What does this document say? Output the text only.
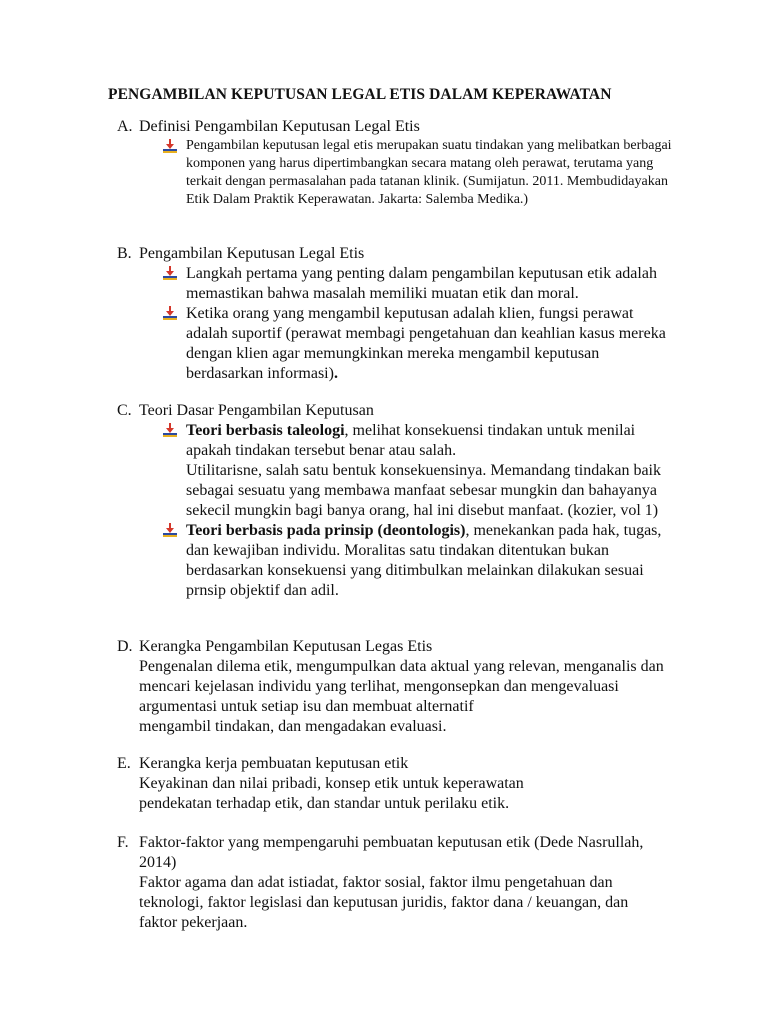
PENGAMBILAN KEPUTUSAN LEGAL ETIS DALAM KEPERAWATAN
A. Definisi Pengambilan Keputusan Legal Etis
Pengambilan keputusan legal etis merupakan suatu tindakan yang melibatkan berbagai komponen yang harus dipertimbangkan secara matang oleh perawat, terutama yang terkait dengan permasalahan pada tatanan klinik. (Sumijatun. 2011. Membudidayakan Etik Dalam Praktik Keperawatan. Jakarta: Salemba Medika.)
B. Pengambilan Keputusan Legal Etis
Langkah pertama yang penting dalam pengambilan keputusan etik adalah memastikan bahwa masalah memiliki muatan etik dan moral.
Ketika orang yang mengambil keputusan adalah klien, fungsi perawat adalah suportif (perawat membagi pengetahuan dan keahlian kasus mereka dengan klien agar memungkinkan mereka mengambil keputusan berdasarkan informasi).
C. Teori Dasar Pengambilan Keputusan
Teori berbasis taleologi, melihat konsekuensi tindakan untuk menilai apakah tindakan tersebut benar atau salah.
Utilitarisne, salah satu bentuk konsekuensinya. Memandang tindakan baik sebagai sesuatu yang membawa manfaat sebesar mungkin dan bahayanya sekecil mungkin bagi banya orang, hal ini disebut manfaat. (kozier, vol 1)
Teori berbasis pada prinsip (deontologis), menekankan pada hak, tugas, dan kewajiban individu. Moralitas satu tindakan ditentukan bukan berdasarkan konsekuensi yang ditimbulkan melainkan dilakukan sesuai prnsip objektif dan adil.
D. Kerangka Pengambilan Keputusan Legas Etis
Pengenalan dilema etik, mengumpulkan data aktual yang relevan, menganalis dan mencari kejelasan individu yang terlihat, mengonsepkan dan mengevaluasi argumentasi untuk setiap isu dan membuat alternatif
mengambil tindakan, dan mengadakan evaluasi.
E. Kerangka kerja pembuatan keputusan etik
Keyakinan dan nilai pribadi, konsep etik untuk keperawatan
pendekatan terhadap etik, dan standar untuk perilaku etik.
F. Faktor-faktor yang mempengaruhi pembuatan keputusan etik (Dede Nasrullah, 2014)
Faktor agama dan adat istiadat, faktor sosial, faktor ilmu pengetahuan dan teknologi, faktor legislasi dan keputusan juridis, faktor dana / keuangan, dan faktor pekerjaan.
